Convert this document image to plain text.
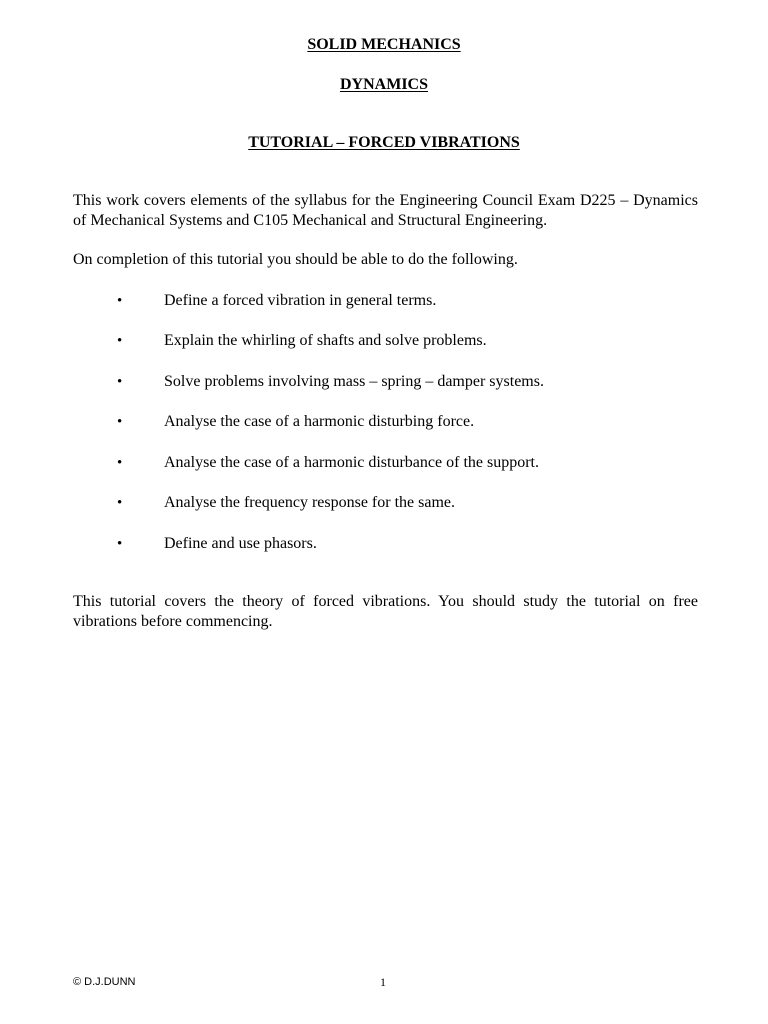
SOLID MECHANICS
DYNAMICS
TUTORIAL – FORCED VIBRATIONS

This work covers elements of the syllabus for the Engineering Council Exam D225 – Dynamics of Mechanical Systems and C105 Mechanical and Structural Engineering.

On completion of this tutorial you should be able to do the following.

•	Define a forced vibration in general terms.
•	Explain the whirling of shafts and solve problems.
•	Solve problems involving mass – spring – damper systems.
•	Analyse the case of a harmonic disturbing force.
•	Analyse the case of a harmonic disturbance of the support.
•	Analyse the frequency response for the same.
•	Define and use phasors.

This tutorial covers the theory of forced vibrations. You should study the tutorial on free vibrations before commencing.

© D.J.DUNN	1
